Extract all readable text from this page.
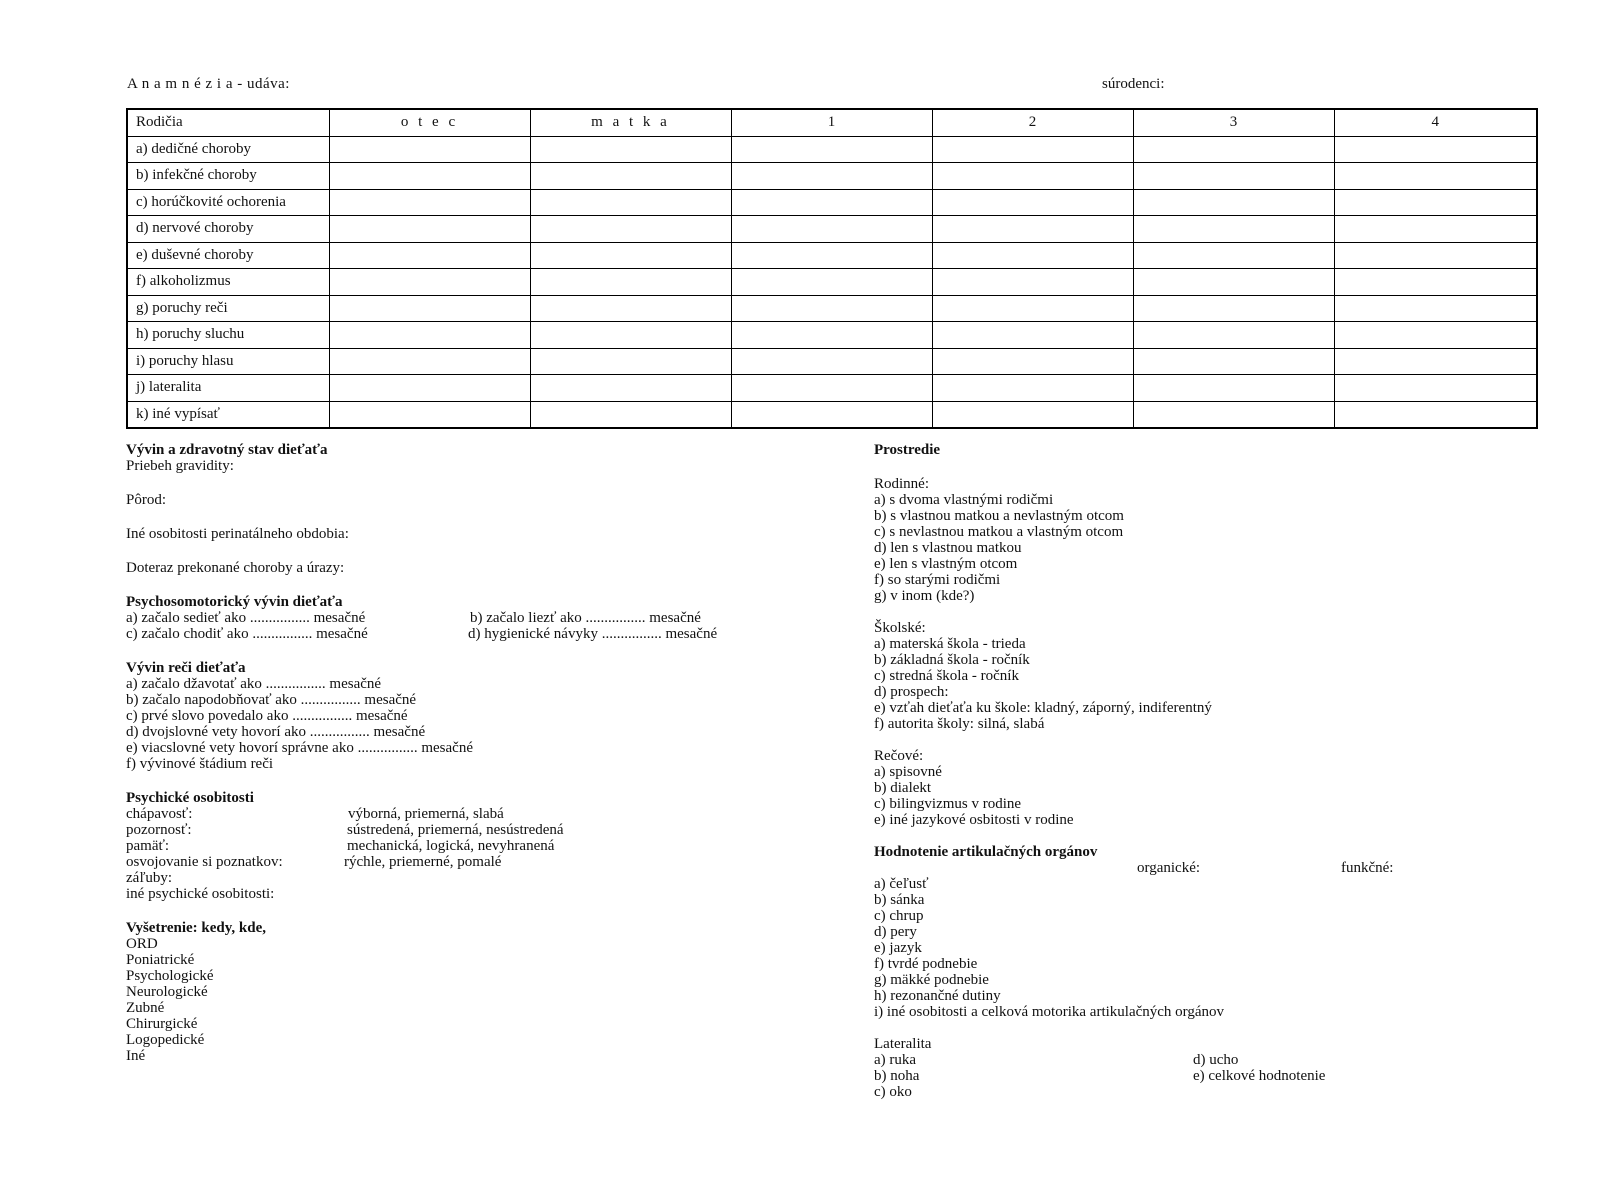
A n a m n é z i a - udáva:	súrodenci:
Rodičia	o t e c	m a t k a	1	2	3	4
a) dedičné choroby						
b) infekčné choroby						
c) horúčkovité ochorenia						
d) nervové choroby						
e) duševné choroby						
f) alkoholizmus						
g) poruchy reči						
h) poruchy sluchu						
i) poruchy hlasu						
j) lateralita						
k) iné vypísať						
Vývin a zdravotný stav dieťaťa
Priebeh gravidity:
Pôrod:
Iné osobitosti perinatálneho obdobia:
Doteraz prekonané choroby a úrazy:
Psychosomotorický vývin dieťaťa
a) začalo sedieť ako ................ mesačné	b) začalo liezť ako ................ mesačné
c) začalo chodiť ako ................ mesačné	d) hygienické návyky ................ mesačné
Vývin reči dieťaťa
a) začalo džavotať ako ................ mesačné
b) začalo napodobňovať ako ................ mesačné
c) prvé slovo povedalo ako ................ mesačné
d) dvojslovné vety hovorí ako ................ mesačné
e) viacslovné vety hovorí správne ako ................ mesačné
f) vývinové štádium reči
Psychické osobitosti
chápavosť:	výborná, priemerná, slabá
pozornosť:	sústredená, priemerná, nesústredená
pamäť:	mechanická, logická, nevyhranená
osvojovanie si poznatkov:	rýchle, priemerné, pomalé
záľuby:
iné psychické osobitosti:
Vyšetrenie: kedy, kde,
ORD
Poniatrické
Psychologické
Neurologické
Zubné
Chirurgické
Logopedické
Iné
Prostredie
Rodinné:
a) s dvoma vlastnými rodičmi
b) s vlastnou matkou a nevlastným otcom
c) s nevlastnou matkou a vlastným otcom
d) len s vlastnou matkou
e) len s vlastným otcom
f) so starými rodičmi
g) v inom (kde?)
Školské:
a) materská škola - trieda
b) základná škola - ročník
c) stredná škola - ročník
d) prospech:
e) vzťah dieťaťa ku škole: kladný, záporný, indiferentný
f) autorita školy: silná, slabá
Rečové:
a) spisovné
b) dialekt
c) bilingvizmus v rodine
e) iné jazykové osbitosti v rodine
Hodnotenie artikulačných orgánov
organické:	funkčné:
a) čeľusť
b) sánka
c) chrup
d) pery
e) jazyk
f) tvrdé podnebie
g) mäkké podnebie
h) rezonančné dutiny
i) iné osobitosti a celková motorika artikulačných orgánov
Lateralita
a) ruka	d) ucho
b) noha	e) celkové hodnotenie
c) oko
